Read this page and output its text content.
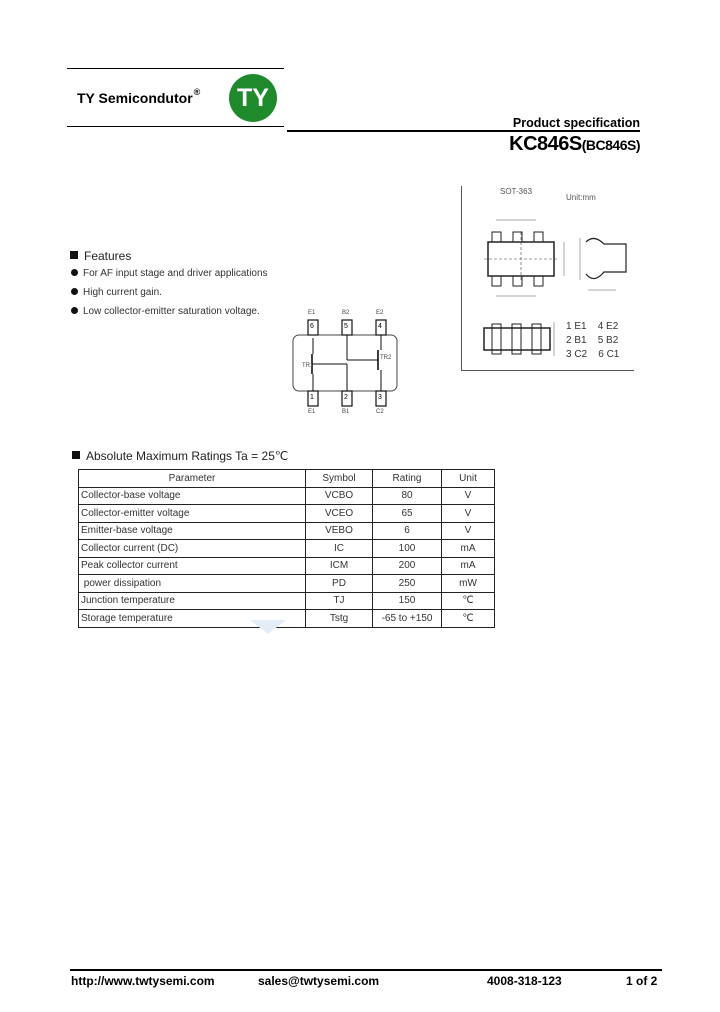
TY Semicondutor®	TY
Product specification
KC846S(BC846S)
SOT-363
Unit:mm
1 E1 4 E2
2 B1 5 B2
3 C2 6 C1
Features
For AF input stage and driver applications
High current gain.
Low collector-emitter saturation voltage.	E1	B2	E2
6	5	4
1	2	3
E1	B1	C2
TR1
TR2
Absolute Maximum Ratings Ta = 25℃
Parameter	Symbol	Rating	Unit
Collector-base voltage	VCBO	80	V
Collector-emitter voltage	VCEO	65	V
Emitter-base voltage	VEBO	6	V
Collector current (DC)	IC	100	mA
Peak collector current	ICM	200	mA
power dissipation	PD	250	mW
Junction temperature	TJ	150	℃
Storage temperature	Tstg	-65 to +150	℃
http://www.twtysemi.com	sales@twtysemi.com	4008-318-123	1 of 2
